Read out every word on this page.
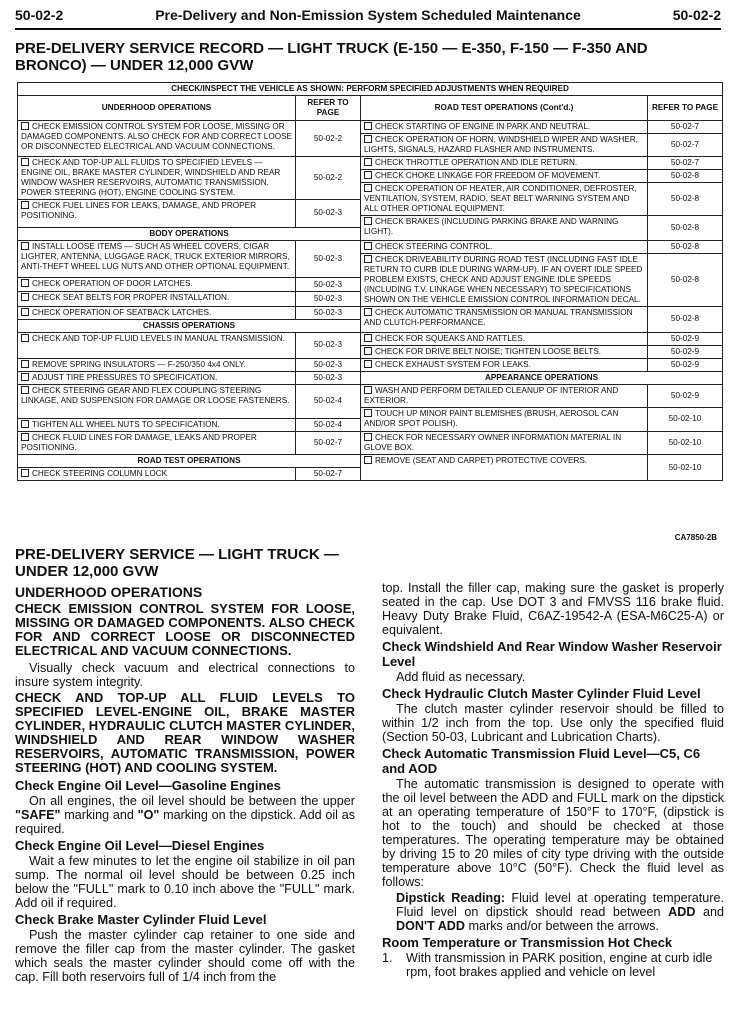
50-02-2	Pre-Delivery and Non-Emission System Scheduled Maintenance	50-02-2
PRE-DELIVERY SERVICE RECORD — LIGHT TRUCK (E-150 — E-350, F-150 — F-350 AND BRONCO) — UNDER 12,000 GVW
CHECK/INSPECT THE VEHICLE AS SHOWN: PERFORM SPECIFIED ADJUSTMENTS WHEN REQUIRED			
UNDERHOOD OPERATIONS	REFER TO PAGE	ROAD TEST OPERATIONS (Cont'd.)	REFER TO PAGE
CHECK EMISSION CONTROL SYSTEM FOR LOOSE, MISSING OR DAMAGED COMPONENTS. ALSO CHECK FOR AND CORRECT LOOSE OR DISCONNECTED ELECTRICAL AND VACUUM CONNECTIONS.	50-02-2	CHECK STARTING OF ENGINE IN PARK AND NEUTRAL.	50-02-7
		CHECK OPERATION OF HORN, WINDSHIELD WIPER AND WASHER, LIGHTS, SIGNALS, HAZARD FLASHER AND INSTRUMENTS.	50-02-7

CHECK AND TOP-UP ALL FLUIDS TO SPECIFIED LEVELS — ENGINE OIL, BRAKE MASTER CYLINDER, WINDSHIELD AND REAR WINDOW WASHER RESERVOIRS, AUTOMATIC TRANSMISSION, POWER STEERING (HOT), ENGINE COOLING SYSTEM.	50-02-2	CHECK THROTTLE OPERATION AND IDLE RETURN.	50-02-7
		CHECK CHOKE LINKAGE FOR FREEDOM OF MOVEMENT.	50-02-8
		CHECK OPERATION OF HEATER, AIR CONDITIONER, DEFROSTER, VENTILATION, SYSTEM, RADIO, SEAT BELT WARNING SYSTEM AND ALL OTHER OPTIONAL EQUIPMENT.	50-02-8
CHECK FUEL LINES FOR LEAKS, DAMAGE, AND PROPER POSITIONING.	50-02-3		
		CHECK BRAKES (INCLUDING PARKING BRAKE AND WARNING LIGHT).	50-02-8
BODY OPERATIONS			
INSTALL LOOSE ITEMS — SUCH AS WHEEL COVERS, CIGAR LIGHTER, ANTENNA, LUGGAGE RACK, TRUCK EXTERIOR MIRRORS, ANTI-THEFT WHEEL LUG NUTS AND OTHER OPTIONAL EQUIPMENT.	50-02-3	CHECK STEERING CONTROL.	50-02-8
		CHECK DRIVEABILITY DURING ROAD TEST (INCLUDING FAST IDLE RETURN TO CURB IDLE DURING WARM-UP). IF AN OVERT IDLE SPEED PROBLEM EXISTS, CHECK AND ADJUST ENGINE IDLE SPEEDS (INCLUDING T.V. LINKAGE WHEN NECESSARY) TO SPECIFICATIONS SHOWN ON THE VEHICLE EMISSION CONTROL INFORMATION DECAL.	50-02-8

CHECK OPERATION OF DOOR LATCHES.	50-02-3		
CHECK SEAT BELTS FOR PROPER INSTALLATION.	50-02-3		
CHECK OPERATION OF SEATBACK LATCHES.	50-02-3	CHECK AUTOMATIC TRANSMISSION OR MANUAL TRANSMISSION AND CLUTCH-PERFORMANCE.	50-02-8
CHASSIS OPERATIONS			
CHECK AND TOP-UP FLUID LEVELS IN MANUAL TRANSMISSION.	50-02-3	CHECK FOR SQUEAKS AND RATTLES.	50-02-9
		CHECK FOR DRIVE BELT NOISE; TIGHTEN LOOSE BELTS.	50-02-9
REMOVE SPRING INSULATORS — F-250/350 4x4 ONLY.	50-02-3	CHECK EXHAUST SYSTEM FOR LEAKS.	50-02-9
ADJUST TIRE PRESSURES TO SPECIFICATION.	50-02-3	APPEARANCE OPERATIONS	
CHECK STEERING GEAR AND FLEX COUPLING STEERING LINKAGE, AND SUSPENSION FOR DAMAGE OR LOOSE FASTENERS.	50-02-4	WASH AND PERFORM DETAILED CLEANUP OF INTERIOR AND EXTERIOR.	50-02-9

		TOUCH UP MINOR PAINT BLEMISHES (BRUSH, AEROSOL CAN AND/OR SPOT POLISH).	50-02-10
TIGHTEN ALL WHEEL NUTS TO SPECIFICATION.	50-02-4		
CHECK FLUID LINES FOR DAMAGE, LEAKS AND PROPER POSITIONING.	50-02-7	CHECK FOR NECESSARY OWNER INFORMATION MATERIAL IN GLOVE BOX.	50-02-10

ROAD TEST OPERATIONS		REMOVE (SEAT AND CARPET) PROTECTIVE COVERS.	50-02-10
CHECK STEERING COLUMN LOCK	50-02-7		
CA7850-2B
PRE-DELIVERY SERVICE — LIGHT TRUCK — UNDER 12,000 GVW
UNDERHOOD OPERATIONS

CHECK EMISSION CONTROL SYSTEM FOR LOOSE, MISSING OR DAMAGED COMPONENTS. ALSO CHECK FOR AND CORRECT LOOSE OR DISCONNECTED ELECTRICAL AND VACUUM CONNECTIONS.

Visually check vacuum and electrical connections to insure system integrity.

CHECK AND TOP-UP ALL FLUID LEVELS TO SPECIFIED LEVEL-ENGINE OIL, BRAKE MASTER CYLINDER, HYDRAULIC CLUTCH MASTER CYLINDER, WINDSHIELD AND REAR WINDOW WASHER RESERVOIRS, AUTOMATIC TRANSMISSION, POWER STEERING (HOT) AND COOLING SYSTEM.

Check Engine Oil Level—Gasoline Engines

On all engines, the oil level should be between the upper "SAFE" marking and "O" marking on the dipstick. Add oil as required.

Check Engine Oil Level—Diesel Engines

Wait a few minutes to let the engine oil stabilize in oil pan sump. The normal oil level should be between 0.25 inch below the "FULL" mark to 0.10 inch above the "FULL" mark. Add oil if required.

Check Brake Master Cylinder Fluid Level

Push the master cylinder cap retainer to one side and remove the filler cap from the master cylinder. The gasket which seals the master cylinder should come off with the cap. Fill both reservoirs full of 1/4 inch from the

top. Install the filler cap, making sure the gasket is properly seated in the cap. Use DOT 3 and FMVSS 116 brake fluid. Heavy Duty Brake Fluid, C6AZ-19542-A (ESA-M6C25-A) or equivalent.

Check Windshield And Rear Window Washer Reservoir Level

Add fluid as necessary.

Check Hydraulic Clutch Master Cylinder Fluid Level

The clutch master cylinder reservoir should be filled to within 1/2 inch from the top. Use only the specified fluid (Section 50-03, Lubricant and Lubrication Charts).

Check Automatic Transmission Fluid Level—C5, C6 and AOD

The automatic transmission is designed to operate with the oil level between the ADD and FULL mark on the dipstick at an operating temperature of 150°F to 170°F, (dipstick is hot to the touch) and should be checked at those temperatures. The operating temperature may be obtained by driving 15 to 20 miles of city type driving with the outside temperature above 10°C (50°F). Check the fluid level as follows:

Dipstick Reading: Fluid level at operating temperature. Fluid level on dipstick should read between ADD and DON'T ADD marks and/or between the arrows.

Room Temperature or Transmission Hot Check
1.	With transmission in PARK position, engine at curb idle rpm, foot brakes applied and vehicle on level
